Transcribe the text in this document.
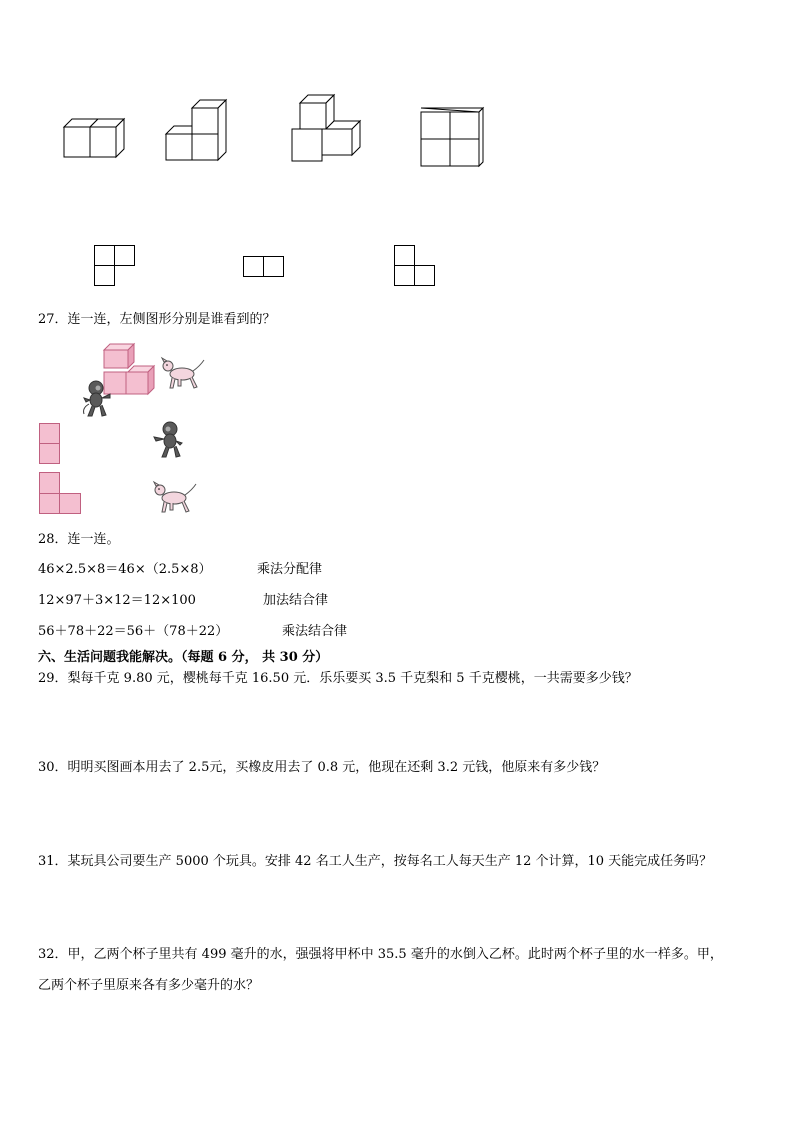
27．连一连，左侧图形分别是谁看到的？
28．连一连。
46×2.5×8＝46×（2.5×8）	乘法分配律
12×97＋3×12＝12×100	加法结合律
56＋78＋22＝56＋（78＋22）	乘法结合律
六、生活问题我能解决。（每题 6 分， 共 30 分）
29．梨每千克 9.80 元，樱桃每千克 16.50 元．乐乐要买 3.5 千克梨和 5 千克樱桃，一共需要多少钱？
30．明明买图画本用去了 2.5元，买橡皮用去了 0.8 元，他现在还剩 3.2 元钱，他原来有多少钱？
31．某玩具公司要生产 5000 个玩具。安排 42 名工人生产，按每名工人每天生产 12 个计算，10 天能完成任务吗？
32．甲，乙两个杯子里共有 499 毫升的水，强强将甲杯中 35.5 毫升的水倒入乙杯。此时两个杯子里的水一样多。甲，
乙两个杯子里原来各有多少毫升的水？
